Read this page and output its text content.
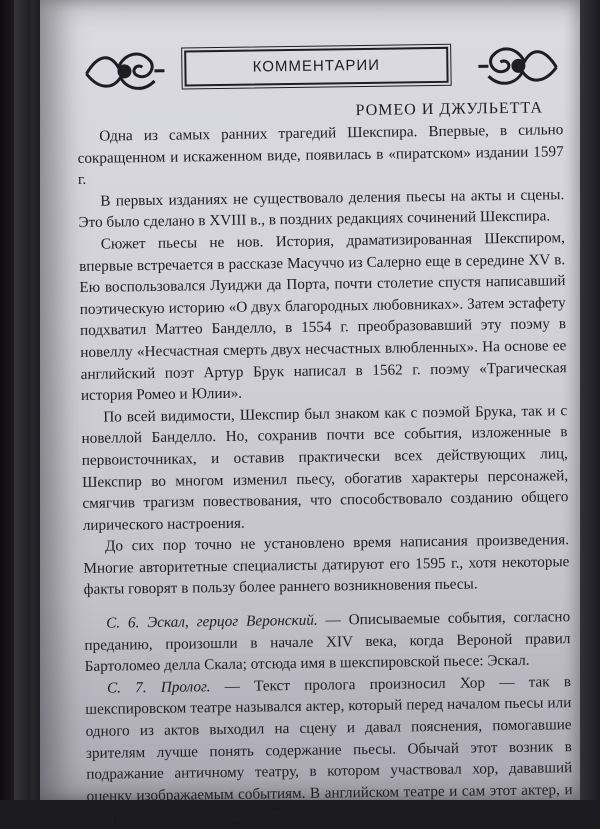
КОММЕНТАРИИ
РОМЕО И ДЖУЛЬЕТТА

Одна из самых ранних трагедий Шекспира. Впервые, в сильно сокращенном и искаженном виде, появилась в «пиратском» издании 1597 г.

В первых изданиях не существовало деления пьесы на акты и сцены. Это было сделано в XVIII в., в поздних редакциях сочинений Шекспира.

Сюжет пьесы не нов. История, драматизированная Шекспиром, впервые встречается в рассказе Масуччо из Салерно еще в середине XV в. Ею воспользовался Луиджи да Порта, почти столетие спустя написавший поэтическую историю «О двух благородных любовниках». Затем эстафету подхватил Маттео Банделло, в 1554 г. преобразовавший эту поэму в новеллу «Несчастная смерть двух несчастных влюбленных». На основе ее английский поэт Артур Брук написал в 1562 г. поэму «Трагическая история Ромео и Юлии».

По всей видимости, Шекспир был знаком как с поэмой Брука, так и с новеллой Банделло. Но, сохранив почти все события, изложенные в первоисточниках, и оставив практически всех действующих лиц, Шекспир во многом изменил пьесу, обогатив характеры персонажей, смягчив трагизм повествования, что способствовало созданию общего лирического настроения.

До сих пор точно не установлено время написания произведения. Многие авторитетные специалисты датируют его 1595 г., хотя некоторые факты говорят в пользу более раннего возникновения пьесы.

С. 6. Эскал, герцог Веронский. — Описываемые события, согласно преданию, произошли в начале XIV века, когда Вероной правил Бартоломео делла Скала; отсюда имя в шекспировской пьесе: Эскал.

С. 7. Пролог. — Текст пролога произносил Хор — так в шекспировском театре назывался актер, который перед началом пьесы или одного из актов выходил на сцену и давал пояснения, помогавшие зрителям лучше понять содержание пьесы. Обычай этот возник в подражание античному театру, в котором участвовал хор, дававший оценку изображаемым событиям. В английском театре и сам этот актер, и его речь назывались также прологом.
